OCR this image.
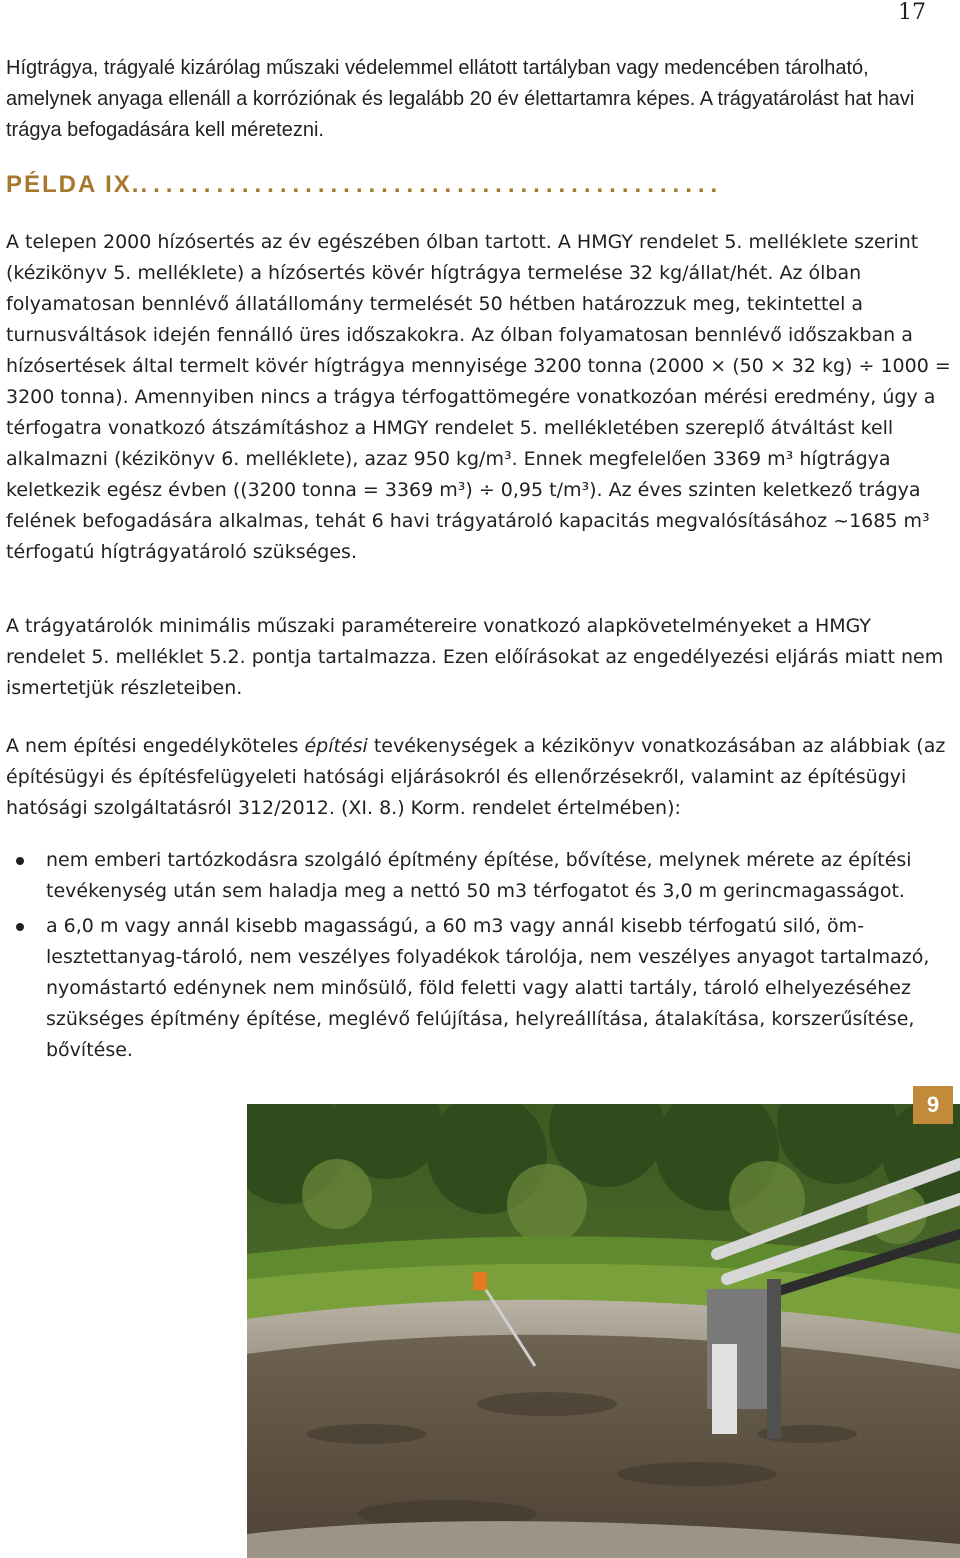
17

Hígtrágya, trágyalé kizárólag műszaki védelemmel ellátott tartályban vagy medencében tárolható, amelynek anyaga ellenáll a korróziónak és legalább 20 év élettartamra képes. A trágyatárolást hat havi trágya befogadására kell méretezni.

PÉLDA IX...............................................

A telepen 2000 hízósertés az év egészében ólban tartott. A HMGY rendelet 5. melléklete szerint (kézikönyv 5. melléklete) a hízósertés kövér hígtrágya termelése 32 kg/állat/hét. Az ólban folyamatosan bennlévő állatállomány termelését 50 hétben határozzuk meg, tekintettel a turnusváltások idején fennálló üres időszakokra. Az ólban folyamatosan bennlévő időszakban a hízósertések által termelt kövér hígtrágya mennyisége 3200 tonna (2000 × (50 × 32 kg) ÷ 1000 = 3200 tonna). Amennyiben nincs a trágya térfogattömegére vonatkozóan mérési eredmény, úgy a térfogatra vonatkozó átszámításhoz a HMGY rendelet 5. mellékletében szereplő átváltást kell alkalmazni (kézikönyv 6. melléklete), azaz 950 kg/m³. Ennek megfelelően 3369 m³ hígtrágya keletkezik egész évben ((3200 tonna = 3369 m³) ÷ 0,95 t/m³). Az éves szinten keletkező trágya felének befogadására alkalmas, tehát 6 havi trágyatároló kapacitás megvalósításához ~1685 m³ térfogatú hígtrágyatároló szükséges.

A trágyatárolók minimális műszaki paramétereire vonatkozó alapkövetelményeket a HMGY rendelet 5. melléklet 5.2. pontja tartalmazza. Ezen előírásokat az engedélyezési eljárás miatt nem ismertetjük részleteiben.

A nem építési engedélyköteles építési tevékenységek a kézikönyv vonatkozásában az alábbiak (az építésügyi és építésfelügyeleti hatósági eljárásokról és ellenőrzésekről, valamint az építésügyi hatósági szolgáltatásról 312/2012. (XI. 8.) Korm. rendelet értelmében):

nem emberi tartózkodásra szolgáló építmény építése, bővítése, melynek mérete az építési tevékenység után sem haladja meg a nettó 50 m3 térfogatot és 3,0 m gerincmagasságot.
a 6,0 m vagy annál kisebb magasságú, a 60 m3 vagy annál kisebb térfogatú siló, ömlesztettanyag-tároló, nem veszélyes folyadékok tárolója, nem veszélyes anyagot tartalmazó, nyomástartó edénynek nem minősülő, föld feletti vagy alatti tartály, tároló elhelyezéséhez szükséges építmény építése, meglévő felújítása, helyreállítása, átalakítása, korszerűsítése, bővítése.
9
